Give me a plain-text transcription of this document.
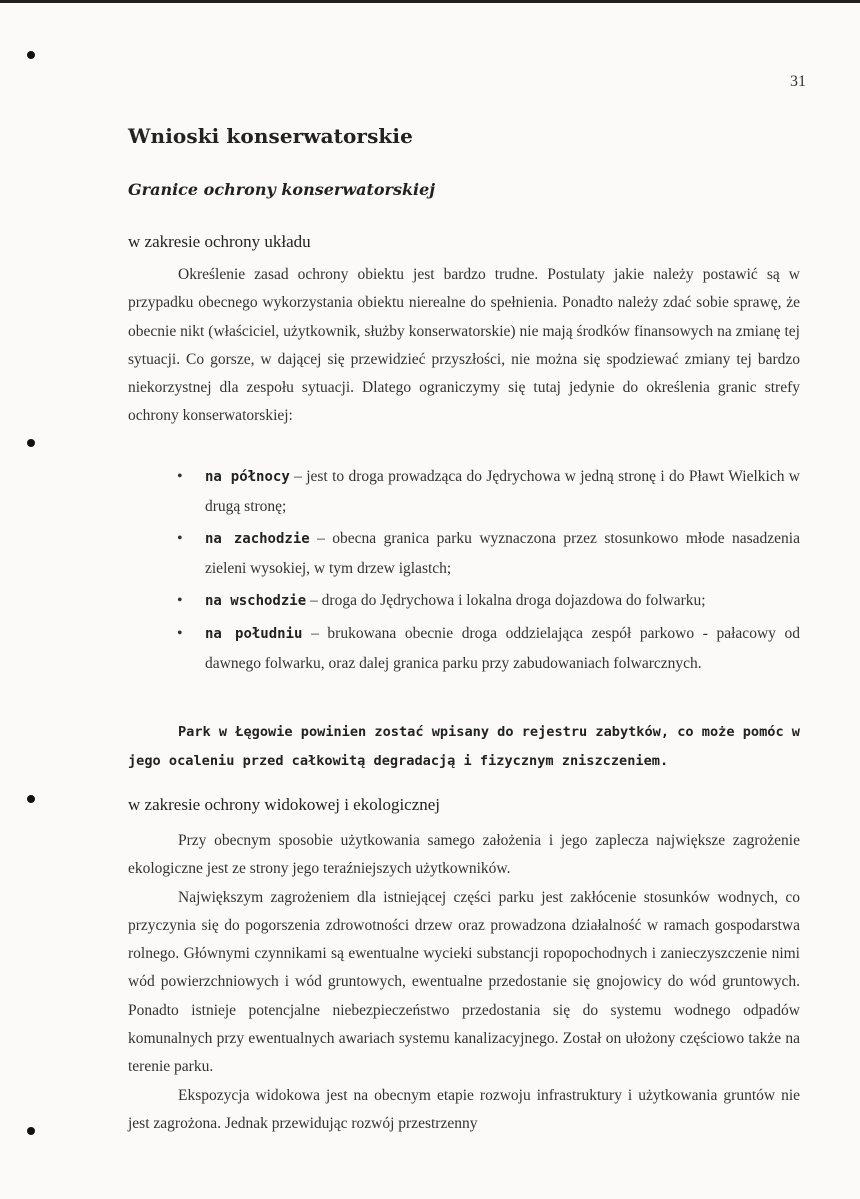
31
Wnioski konserwatorskie
Granice ochrony konserwatorskiej
w zakresie ochrony układu

Określenie zasad ochrony obiektu jest bardzo trudne. Postulaty jakie należy postawić są w przypadku obecnego wykorzystania obiektu nierealne do spełnienia. Ponadto należy zdać sobie sprawę, że obecnie nikt (właściciel, użytkownik, służby konserwatorskie) nie mają środków finansowych na zmianę tej sytuacji. Co gorsze, w dającej się przewidzieć przyszłości, nie można się spodziewać zmiany tej bardzo niekorzystnej dla zespołu sytuacji. Dlatego ograniczymy się tutaj jedynie do określenia granic strefy ochrony konserwatorskiej:

• na północy – jest to droga prowadząca do Jędrychowa w jedną stronę i do Pławt Wielkich w drugą stronę;
• na zachodzie – obecna granica parku wyznaczona przez stosunkowo młode nasadzenia zieleni wysokiej, w tym drzew iglastch;
• na wschodzie – droga do Jędrychowa i lokalna droga dojazdowa do folwarku;
• na południu – brukowana obecnie droga oddzielająca zespół parkowo - pałacowy od dawnego folwarku, oraz dalej granica parku przy zabudowaniach folwarcznych.
Park w Łęgowie powinien zostać wpisany do rejestru zabytków, co może pomóc w jego ocaleniu przed całkowitą degradacją i fizycznym zniszczeniem.
w zakresie ochrony widokowej i ekologicznej

Przy obecnym sposobie użytkowania samego założenia i jego zaplecza największe zagrożenie ekologiczne jest ze strony jego teraźniejszych użytkowników.

Największym zagrożeniem dla istniejącej części parku jest zakłócenie stosunków wodnych, co przyczynia się do pogorszenia zdrowotności drzew oraz prowadzona działalność w ramach gospodarstwa rolnego. Głównymi czynnikami są ewentualne wycieki substancji ropopochodnych i zanieczyszczenie nimi wód powierzchniowych i wód gruntowych, ewentualne przedostanie się gnojowicy do wód gruntowych. Ponadto istnieje potencjalne niebezpieczeństwo przedostania się do systemu wodnego odpadów komunalnych przy ewentualnych awariach systemu kanalizacyjnego. Został on ułożony częściowo także na terenie parku.

Ekspozycja widokowa jest na obecnym etapie rozwoju infrastruktury i użytkowania gruntów nie jest zagrożona. Jednak przewidując rozwój przestrzenny
